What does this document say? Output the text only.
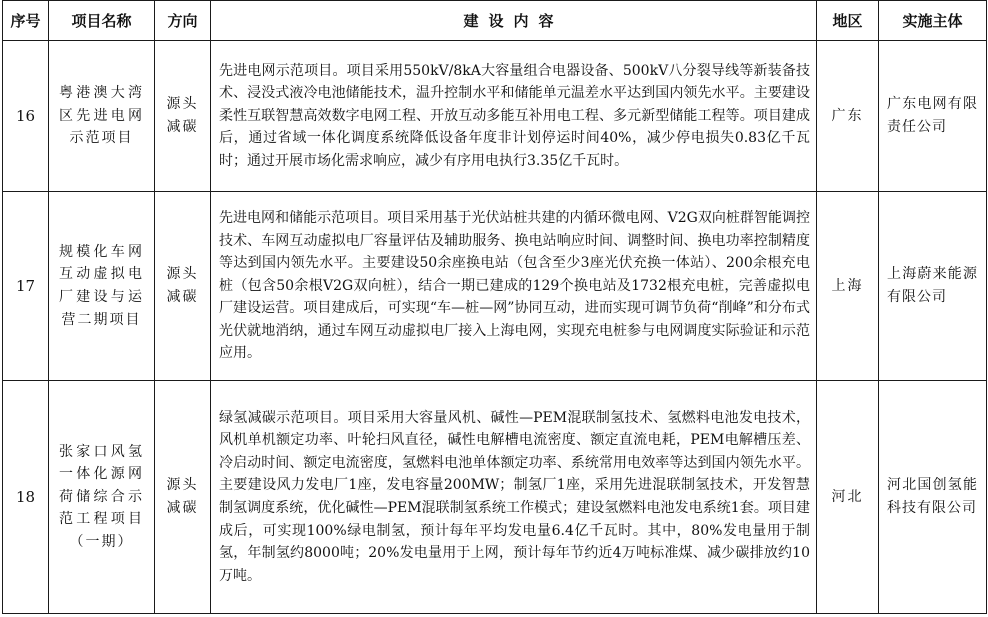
序号	项目名称	方向	建设内容	地区	实施主体
16	粤港澳大湾区先进电网示范项目	源头减碳	先进电网示范项目。项目采用550kV/8kA大容量组合电器设备、500kV八分裂导线等新装备技术、浸没式液冷电池储能技术，温升控制水平和储能单元温差水平达到国内领先水平。主要建设柔性互联智慧高效数字电网工程、开放互动多能互补用电工程、多元新型储能工程等。项目建成后，通过省域一体化调度系统降低设备年度非计划停运时间40%，减少停电损失0.83亿千瓦时；通过开展市场化需求响应，减少有序用电执行3.35亿千瓦时。	广东	广东电网有限责任公司
17	规模化车网互动虚拟电厂建设与运营二期项目	源头减碳	先进电网和储能示范项目。项目采用基于光伏站桩共建的内循环微电网、V2G双向桩群智能调控技术、车网互动虚拟电厂容量评估及辅助服务、换电站响应时间、调整时间、换电功率控制精度等达到国内领先水平。主要建设50余座换电站（包含至少3座光伏充换一体站）、200余根充电桩（包含50余根V2G双向桩），结合一期已建成的129个换电站及1732根充电桩，完善虚拟电厂建设运营。项目建成后，可实现“车—桩—网”协同互动，进而实现可调节负荷“削峰”和分布式光伏就地消纳，通过车网互动虚拟电厂接入上海电网，实现充电桩参与电网调度实际验证和示范应用。	上海	上海蔚来能源有限公司
18	张家口风氢一体化源网荷储综合示范工程项目（一期）	源头减碳	绿氢减碳示范项目。项目采用大容量风机、碱性—PEM混联制氢技术、氢燃料电池发电技术，风机单机额定功率、叶轮扫风直径，碱性电解槽电流密度、额定直流电耗，PEM电解槽压差、冷启动时间、额定电流密度，氢燃料电池单体额定功率、系统常用电效率等达到国内领先水平。主要建设风力发电厂1座，发电容量200MW；制氢厂1座，采用先进混联制氢技术，开发智慧制氢调度系统，优化碱性—PEM混联制氢系统工作模式；建设氢燃料电池发电系统1套。项目建成后，可实现100%绿电制氢，预计每年平均发电量6.4亿千瓦时。其中，80%发电量用于制氢，年制氢约8000吨；20%发电量用于上网，预计每年节约近4万吨标准煤、减少碳排放约10万吨。	河北	河北国创氢能科技有限公司
